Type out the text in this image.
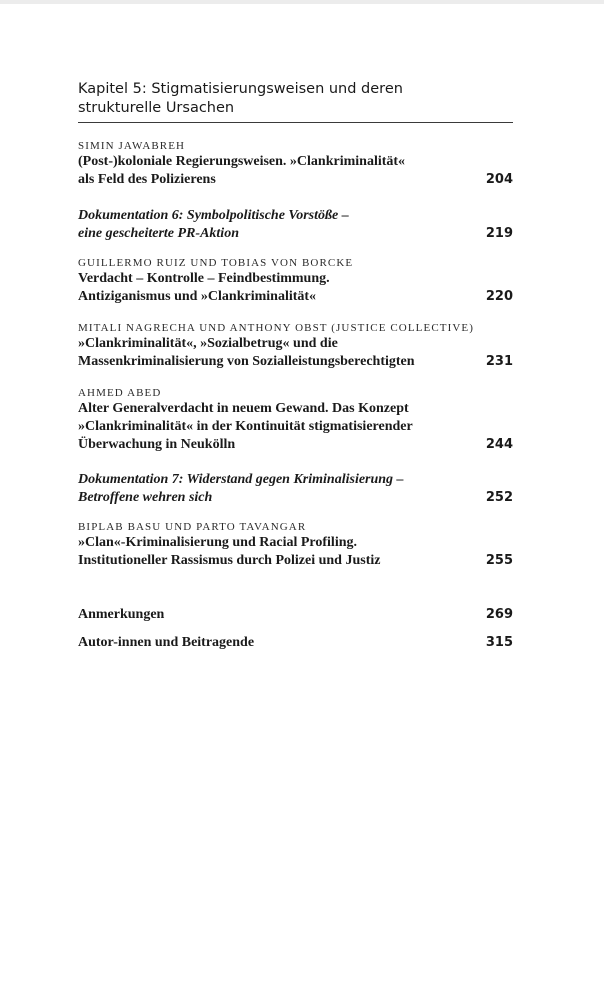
Kapitel 5: Stigmatisierungsweisen und deren
strukturelle Ursachen
SIMIN JAWABREH
(Post-)koloniale Regierungsweisen. »Clankriminalität«
als Feld des Polizierens	204
Dokumentation 6: Symbolpolitische Vorstöße –
eine gescheiterte PR-Aktion	219
GUILLERMO RUIZ UND TOBIAS VON BORCKE
Verdacht – Kontrolle – Feindbestimmung.
Antiziganismus und »Clankriminalität«	220
MITALI NAGRECHA UND ANTHONY OBST (JUSTICE COLLECTIVE)
»Clankriminalität«, »Sozialbetrug« und die
Massenkriminalisierung von Sozialleistungsberechtigten	231
AHMED ABED
Alter Generalverdacht in neuem Gewand. Das Konzept
»Clankriminalität« in der Kontinuität stigmatisierender
Überwachung in Neukölln	244
Dokumentation 7: Widerstand gegen Kriminalisierung –
Betroffene wehren sich	252
BIPLAB BASU UND PARTO TAVANGAR
»Clan«-Kriminalisierung und Racial Profiling.
Institutioneller Rassismus durch Polizei und Justiz	255
Anmerkungen	269
Autor-innen und Beitragende	315
